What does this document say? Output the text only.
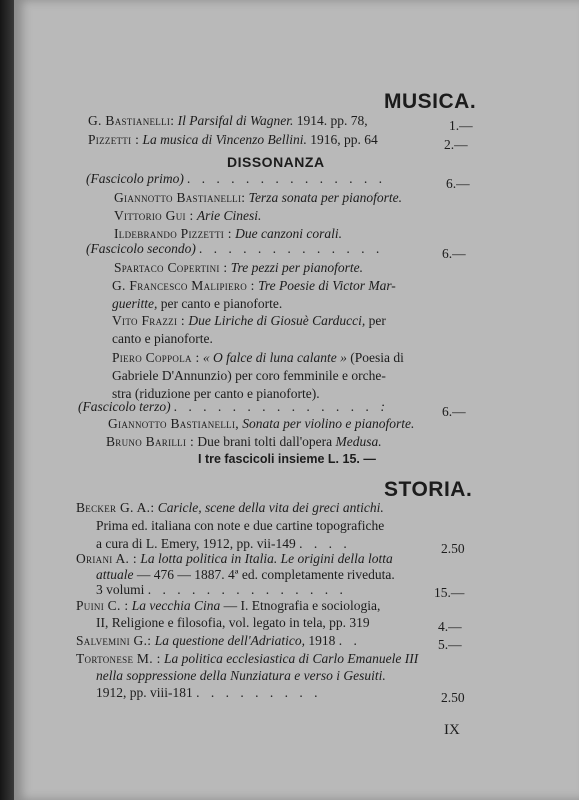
MUSICA.
G. Bastianelli: Il Parsifal di Wagner. 1914. pp. 78,	1.—
Pizzetti : La musica di Vincenzo Bellini. 1916, pp. 64	2.—
DISSONANZA
(Fascicolo primo) . . . . . . . . . . . . . .	6.—
Giannotto Bastianelli: Terza sonata per pianoforte.
Vittorio Gui : Arie Cinesi.
Ildebrando Pizzetti : Due canzoni corali.
(Fascicolo secondo) . . . . . . . . . . . . .	6.—
Spartaco Copertini : Tre pezzi per pianoforte.
G. Francesco Malipiero : Tre Poesie di Victor Mar-
gueritte, per canto e pianoforte.
Vito Frazzi : Due Liriche di Giosuè Carducci, per
canto e pianoforte.
Piero Coppola : « O falce di luna calante » (Poesia di
Gabriele D'Annunzio) per coro femminile e orche-
stra (riduzione per canto e pianoforte).
(Fascicolo terzo) . . . . . . . . . . . . . . :	6.—
Giannotto Bastianelli, Sonata per violino e pianoforte.
Bruno Barilli : Due brani tolti dall'opera Medusa.
I tre fascicoli insieme L. 15. —
STORIA.
Becker G. A.: Caricle, scene della vita dei greci antichi.
Prima ed. italiana con note e due cartine topografiche
a cura di L. Emery, 1912, pp. vii-149 . . . .	2.50
Oriani A. : La lotta politica in Italia. Le origini della lotta
attuale — 476 — 1887. 4ª ed. completamente riveduta.
3 volumi . . . . . . . . . . . . . .	15.—
Puini C. : La vecchia Cina — I. Etnografia e sociologia,
II, Religione e filosofia, vol. legato in tela, pp. 319	4.—
Salvemini G.: La questione dell'Adriatico, 1918 . .	5.—
Tortonese M. : La politica ecclesiastica di Carlo Emanuele III
nella soppressione della Nunziatura e verso i Gesuiti.
1912, pp. viii-181 . . . . . . . . .	2.50
IX
